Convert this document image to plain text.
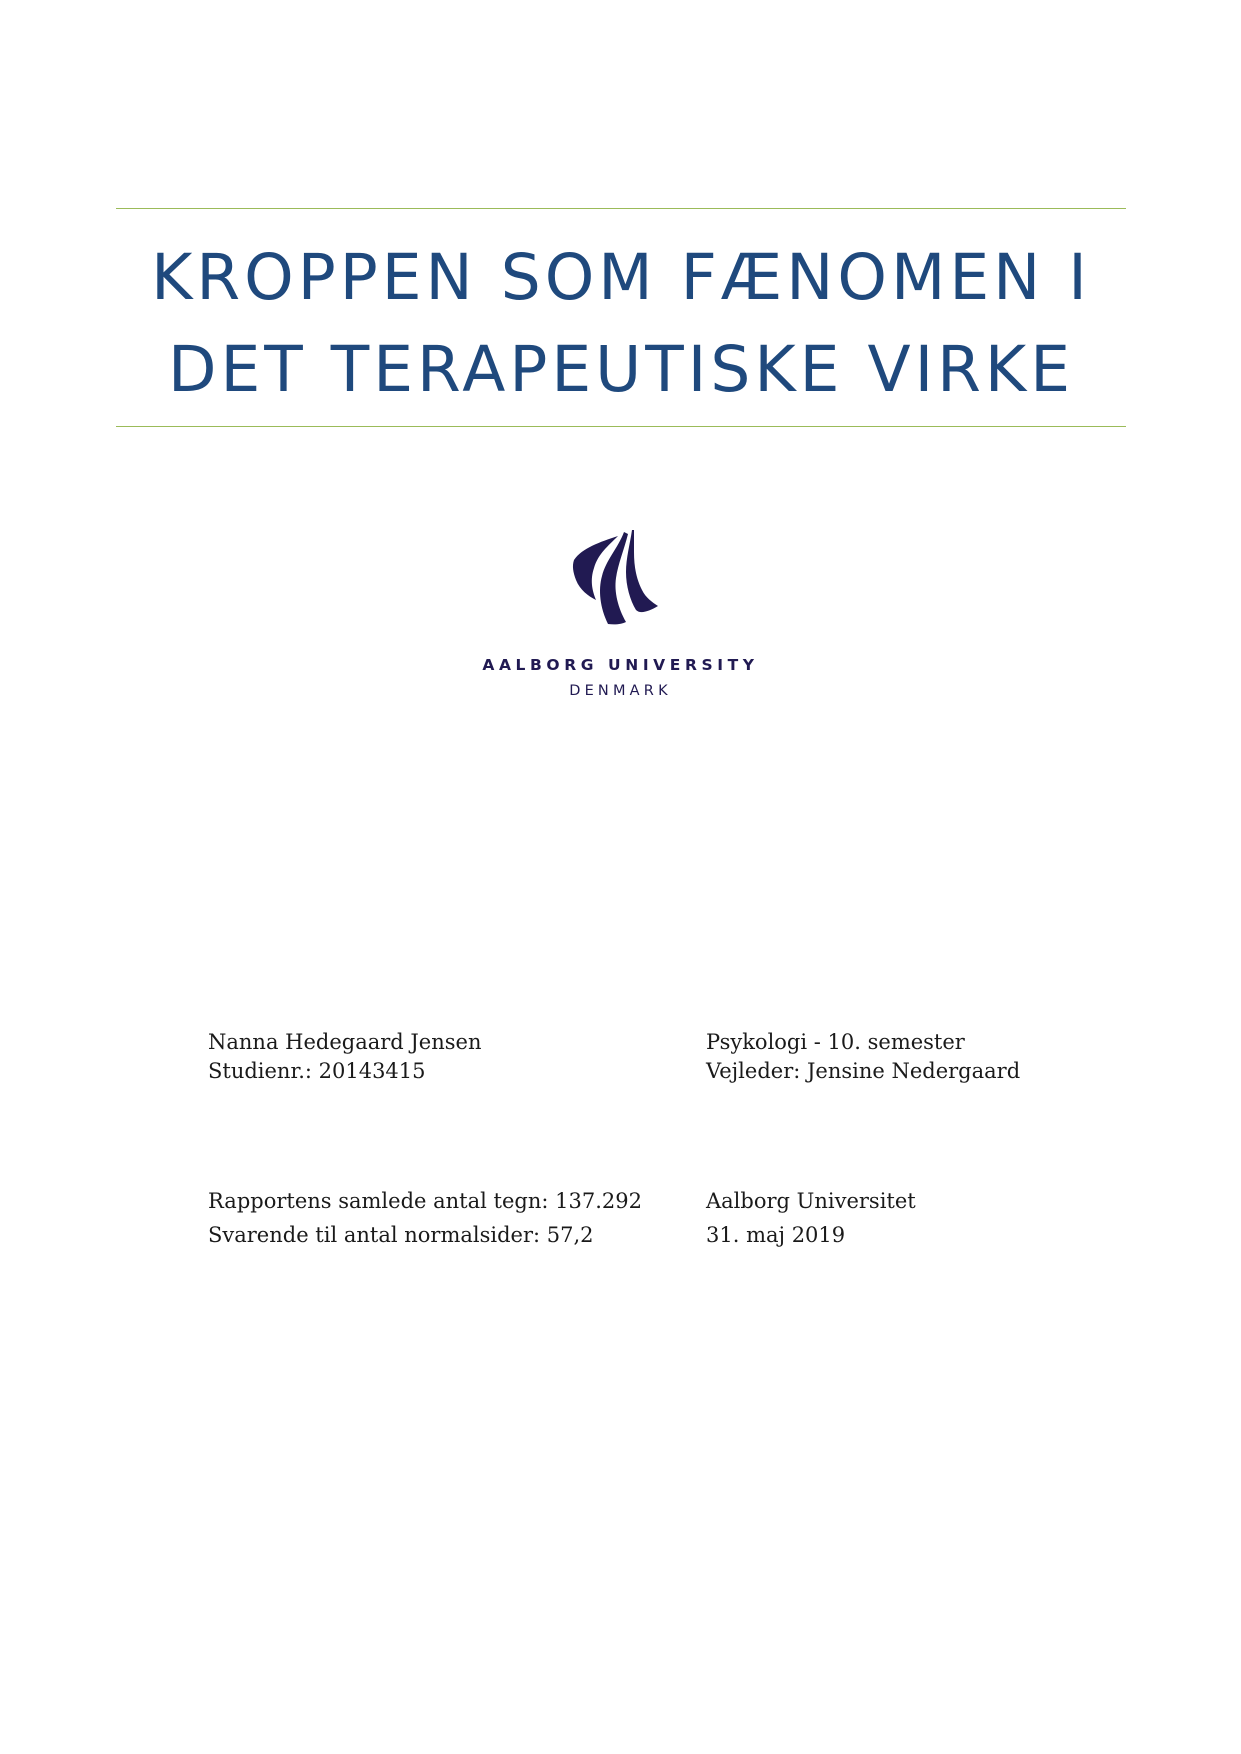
KROPPEN SOM FÆNOMEN I
DET TERAPEUTISKE VIRKE
AALBORG UNIVERSITY
DENMARK
Nanna Hedegaard Jensen
Studienr.: 20143415
Psykologi - 10. semester
Vejleder: Jensine Nedergaard
Rapportens samlede antal tegn: 137.292
Svarende til antal normalsider: 57,2
Aalborg Universitet
31. maj 2019
